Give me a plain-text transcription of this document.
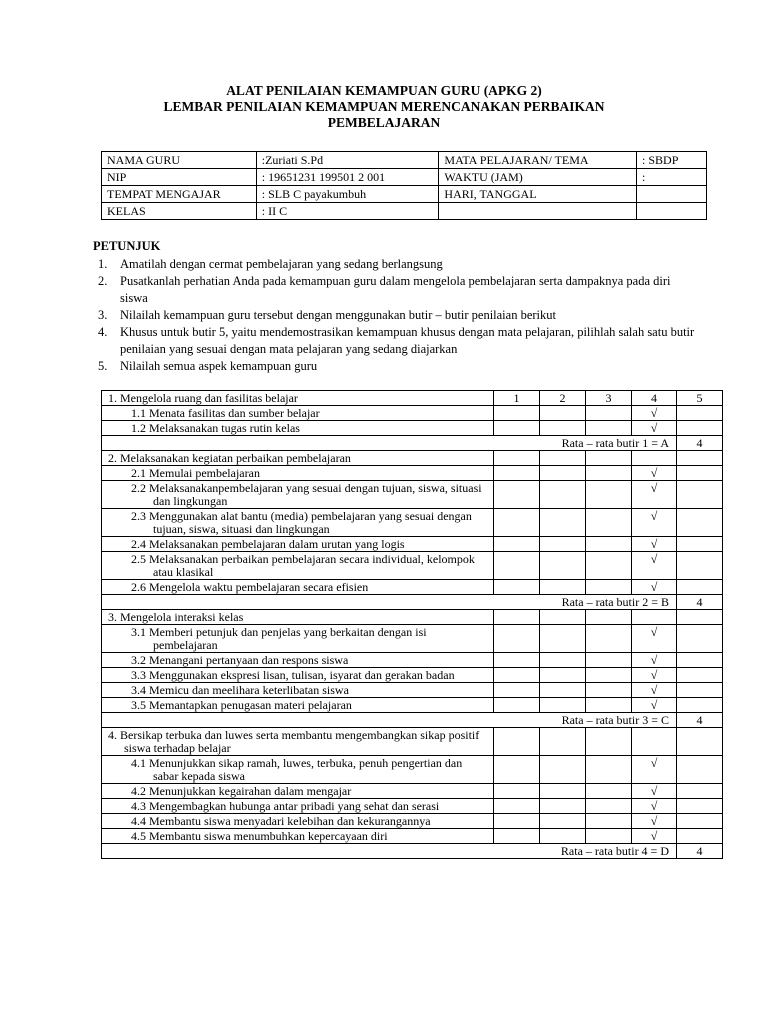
ALAT PENILAIAN KEMAMPUAN GURU (APKG 2)
LEMBAR PENILAIAN KEMAMPUAN MERENCANAKAN PERBAIKAN
PEMBELAJARAN
NAMA GURU	:Zuriati S.Pd	MATA PELAJARAN/ TEMA	: SBDP
NIP	: 19651231 199501 2 001	WAKTU (JAM)	:
TEMPAT MENGAJAR	: SLB C payakumbuh	HARI, TANGGAL	
KELAS	: II C		
PETUNJUK
1. Amatilah dengan cermat pembelajaran yang sedang berlangsung
2. Pusatkanlah perhatian Anda pada kemampuan guru dalam mengelola pembelajaran serta dampaknya pada diri siswa
3. Nilailah kemampuan guru tersebut dengan menggunakan butir – butir penilaian berikut
4. Khusus untuk butir 5, yaitu mendemostrasikan kemampuan khusus dengan mata pelajaran, pilihlah salah satu butir penilaian yang sesuai dengan mata pelajaran yang sedang diajarkan
5. Nilailah semua aspek kemampuan guru
1. Mengelola ruang dan fasilitas belajar	1	2	3	4	5

1.1 Menata fasilitas dan sumber belajar				√	

1.2 Melaksanakan tugas rutin kelas				√	
Rata – rata butir 1 = A					4

2. Melaksanakan kegiatan perbaikan pembelajaran					

2.1 Memulai pembelajaran				√	

2.2 Melaksanakanpembelajaran yang sesuai dengan tujuan, siswa, situasi dan lingkungan				√	

2.3 Menggunakan alat bantu (media) pembelajaran yang sesuai dengan tujuan, siswa, situasi dan lingkungan				√	

2.4 Melaksanakan pembelajaran dalam urutan yang logis				√	

2.5 Melaksanakan perbaikan pembelajaran secara individual, kelompok atau klasikal				√	

2.6 Mengelola waktu pembelajaran secara efisien				√	
Rata – rata butir 2 = B					4

3. Mengelola interaksi kelas					

3.1 Memberi petunjuk dan penjelas yang berkaitan dengan isi pembelajaran				√	

3.2 Menangani pertanyaan dan respons siswa				√	

3.3 Menggunakan ekspresi lisan, tulisan, isyarat dan gerakan badan				√	

3.4 Memicu dan meelihara keterlibatan siswa				√	

3.5 Memantapkan penugasan materi pelajaran				√	
Rata – rata butir 3 = C					4

4. Bersikap terbuka dan luwes serta membantu mengembangkan sikap positif siswa terhadap belajar					

4.1 Menunjukkan sikap ramah, luwes, terbuka, penuh pengertian dan sabar kepada siswa				√	

4.2 Menunjukkan kegairahan dalam mengajar				√	

4.3 Mengembagkan hubunga antar pribadi yang sehat dan serasi				√	

4.4 Membantu siswa menyadari kelebihan dan kekurangannya				√	

4.5 Membantu siswa menumbuhkan kepercayaan diri				√	
Rata – rata butir 4 = D					4
